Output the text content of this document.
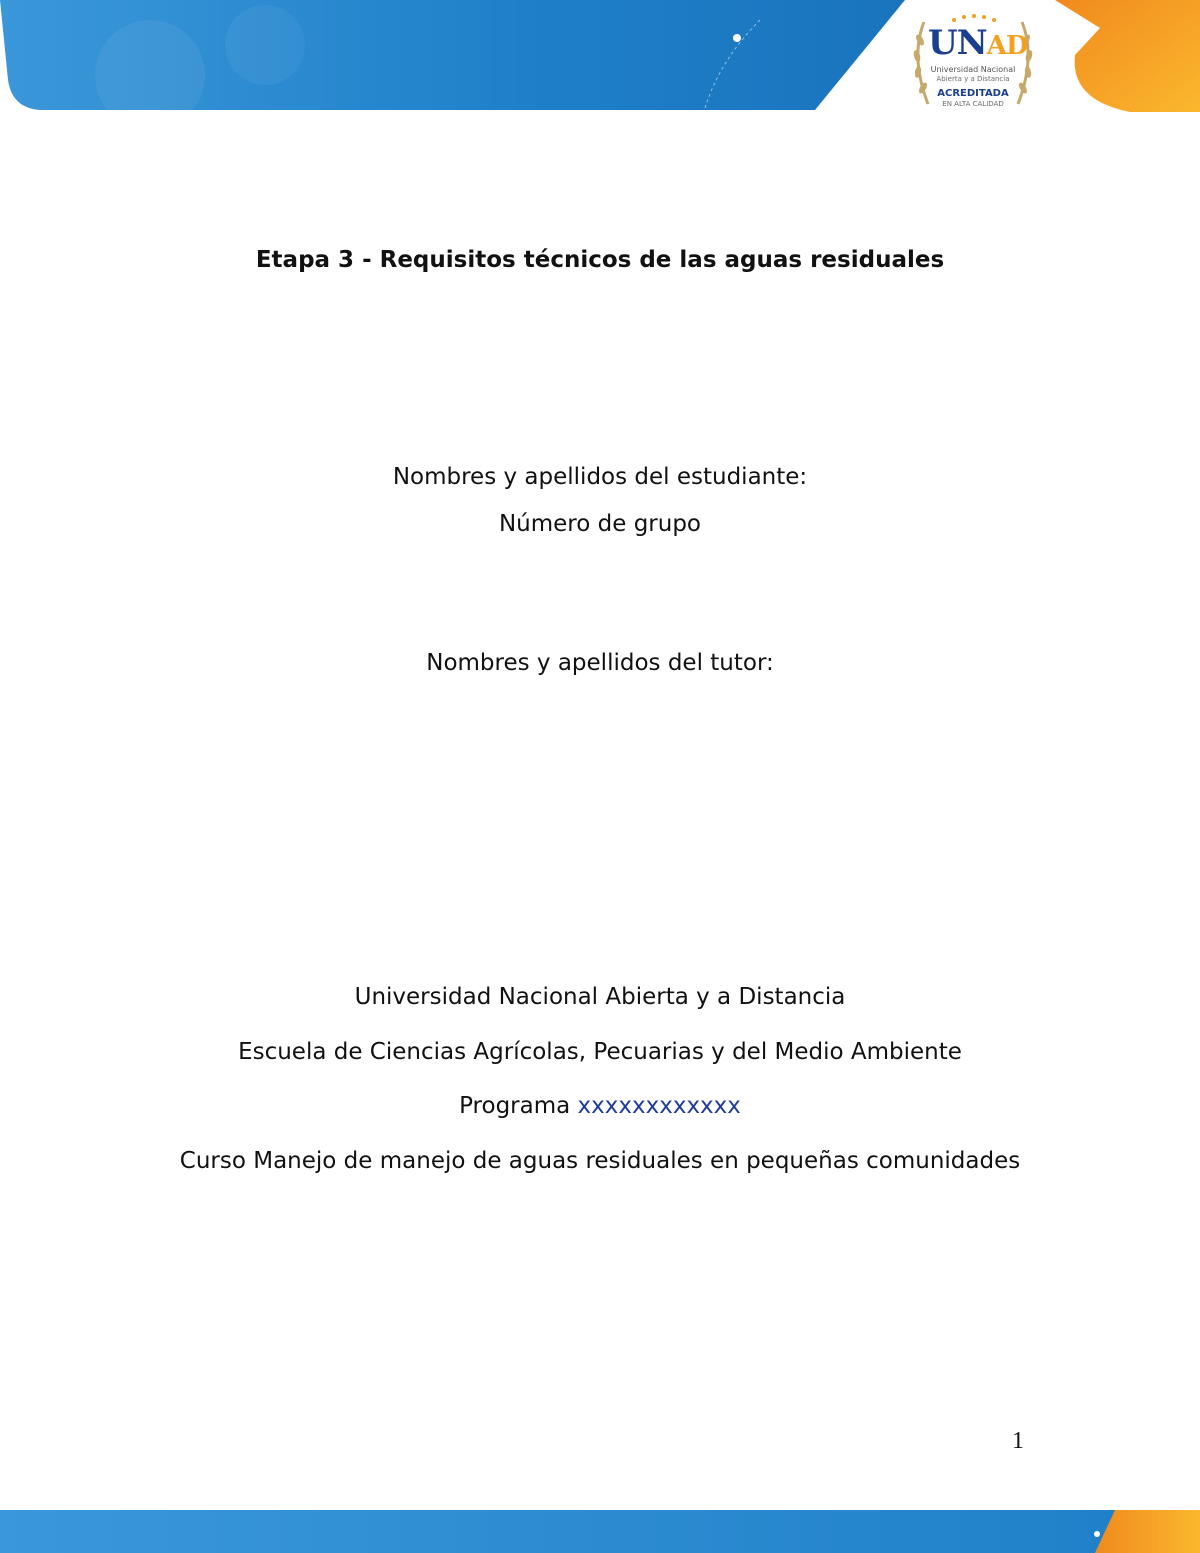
UNAD
Universidad Nacional
Abierta y a Distancia
ACREDITADA
EN ALTA CALIDAD
Etapa 3 - Requisitos técnicos de las aguas residuales
Nombres y apellidos del estudiante:
Número de grupo
Nombres y apellidos del tutor:
Universidad Nacional Abierta y a Distancia
Escuela de Ciencias Agrícolas, Pecuarias y del Medio Ambiente
Programa xxxxxxxxxxxx
Curso Manejo de manejo de aguas residuales en pequeñas comunidades
1
